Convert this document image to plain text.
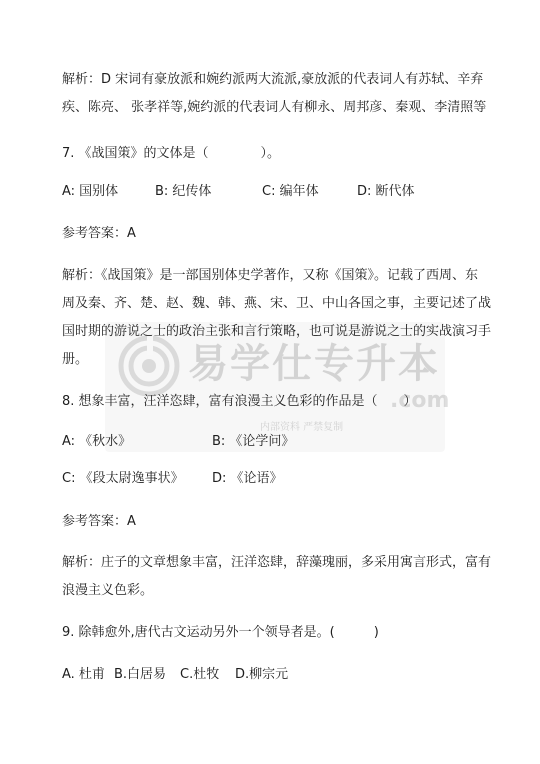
易学仕专升本
.com
内部资料 严禁复制
解析：D 宋词有豪放派和婉约派两大流派,豪放派的代表词人有苏轼、辛弃
疾、陈亮、 张孝祥等,婉约派的代表词人有柳永、周邦彦、秦观、李清照等
7. 《战国策》的文体是（　　　　）。
A: 国别体	B: 纪传体	C: 编年体	D: 断代体
参考答案：A
解析：《战国策》是一部国别体史学著作，又称《国策》。记载了西周、东
周及秦、齐、楚、赵、魏、韩、燕、宋、卫、中山各国之事，主要记述了战
国时期的游说之士的政治主张和言行策略，也可说是游说之士的实战演习手
册。
8. 想象丰富，汪洋恣肆，富有浪漫主义色彩的作品是（　　）
A: 《秋水》	B: 《论学问》
C: 《段太尉逸事状》 D: 《论语》
参考答案：A
解析：庄子的文章想象丰富，汪洋恣肆，辞藻瑰丽，多采用寓言形式，富有
浪漫主义色彩。
9. 除韩愈外,唐代古文运动另外一个领导者是。(　　　)
A. 杜甫 B.白居易 C.杜牧 D.柳宗元
